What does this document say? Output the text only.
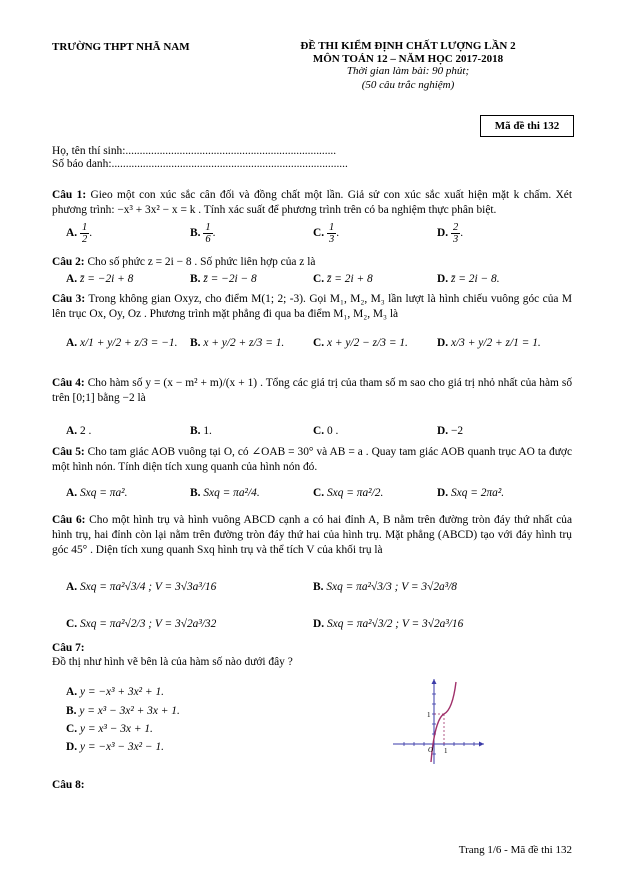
TRƯỜNG THPT NHÃ NAM	ĐỀ THI KIỂM ĐỊNH CHẤT LƯỢNG LẦN 2
MÔN TOÁN 12 – NĂM HỌC 2017-2018
Thời gian làm bài: 90 phút;
(50 câu trắc nghiệm)
Mã đề thi 132
Họ, tên thí sinh:..........................................................................
Số báo danh:...................................................................................
Câu 1: Gieo một con xúc sắc cân đối và đồng chất một lần. Giả sử con xúc sắc xuất hiện mặt k chấm. Xét phương trình: −x³ + 3x² − x = k . Tính xác suất để phương trình trên có ba nghiệm thực phân biệt.
A. $\frac{1}{2}$ .	B. $\frac{1}{6}$ .	C. $\frac{1}{3}$ .	D. $\frac{2}{3}$ .
Câu 2: Cho số phức z = 2i − 8 . Số phức liên hợp của z là
A. z̄ = −2i + 8	B. z̄ = −2i − 8	C. z̄ = 2i + 8	D. z̄ = 2i − 8.
Câu 3: Trong không gian Oxyz, cho điểm M(1; 2; -3). Gọi M₁, M₂, M₃ lần lượt là hình chiếu vuông góc của M lên trục Ox, Oy, Oz . Phương trình mặt phẳng đi qua ba điểm M₁, M₂, M₃ là
A. x/1 + y/2 + z/3 = −1. B. x + y/2 + z/3 = 1.	C. x + y/2 − z/3 = 1.	D. x/3 + y/2 + z/1 = 1.
Câu 4: Cho hàm số y = (x − m² + m)/(x + 1) . Tổng các giá trị của tham số m sao cho giá trị nhỏ nhất của hàm số trên [0;1] bằng −2 là
A. 2 .	B. 1.	C. 0 .	D. −2
Câu 5: Cho tam giác AOB vuông tại O, có ∠OAB = 30° và AB = a . Quay tam giác AOB quanh trục AO ta được một hình nón. Tính diện tích xung quanh của hình nón đó.
A. Sxq = πa².	B. Sxq = πa²/4.	C. Sxq = πa²/2.	D. Sxq = 2πa².
Câu 6: Cho một hình trụ và hình vuông ABCD cạnh a có hai đỉnh A, B nằm trên đường tròn đáy thứ nhất của hình trụ, hai đỉnh còn lại nằm trên đường tròn đáy thứ hai của hình trụ. Mặt phẳng (ABCD) tạo với đáy hình trụ góc 45° . Diện tích xung quanh Sxq hình trụ và thể tích V của khối trụ là
A. Sxq = πa²√3/4 ; V = 3√3a³/16	B. Sxq = πa²√3/3 ; V = 3√2a³/8
C. Sxq = πa²√2/3 ; V = 3√2a³/32	D. Sxq = πa²√3/2 ; V = 3√2a³/16
Câu 7:
Đồ thị như hình vẽ bên là của hàm số nào dưới đây ?
A. y = −x³ + 3x² + 1.
B. y = x³ − 3x² + 3x + 1.
C. y = x³ − 3x + 1.
D. y = −x³ − 3x² − 1.
1
O 1
Câu 8:
Trang 1/6 - Mã đề thi 132
